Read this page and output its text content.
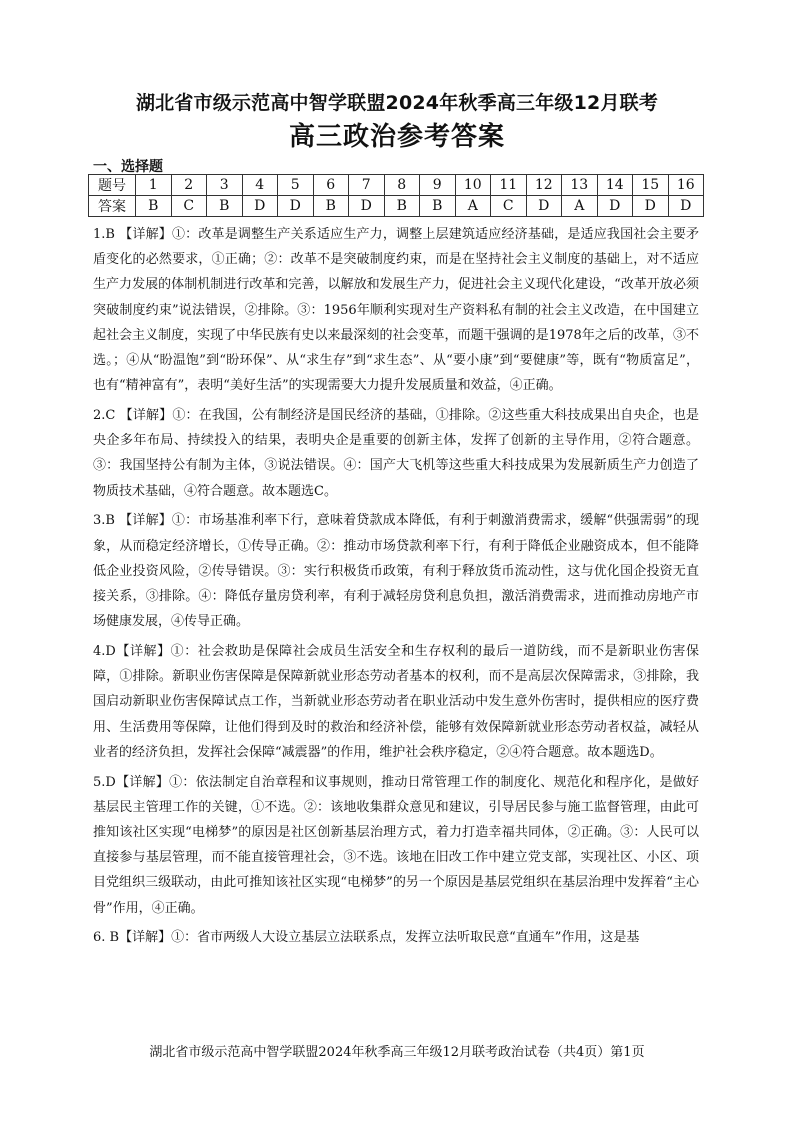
湖北省市级示范高中智学联盟2024年秋季高三年级12月联考
高三政治参考答案
一、选择题
题号	1	2	3	4	5	6	7	8	9	10	11	12	13	14	15	16
答案	B	C	B	D	D	B	D	B	B	A	C	D	A	D	D	D

1.B 【详解】①：改革是调整生产关系适应生产力，调整上层建筑适应经济基础，是适应我国社会主要矛盾变化的必然要求，①正确；②：改革不是突破制度约束，而是在坚持社会主义制度的基础上，对不适应生产力发展的体制机制进行改革和完善，以解放和发展生产力，促进社会主义现代化建设，“改革开放必须突破制度约束”说法错误，②排除。③：1956年顺利实现对生产资料私有制的社会主义改造，在中国建立起社会主义制度，实现了中华民族有史以来最深刻的社会变革，而题干强调的是1978年之后的改革，③不选。；④从“盼温饱”到“盼环保”、从“求生存”到“求生态”、从“要小康”到“要健康”等，既有“物质富足”，也有“精神富有”，表明“美好生活”的实现需要大力提升发展质量和效益，④正确。

2.C 【详解】①：在我国，公有制经济是国民经济的基础，①排除。②这些重大科技成果出自央企，也是央企多年布局、持续投入的结果，表明央企是重要的创新主体，发挥了创新的主导作用，②符合题意。③：我国坚持公有制为主体，③说法错误。④：国产大飞机等这些重大科技成果为发展新质生产力创造了物质技术基础，④符合题意。故本题选C。

3.B 【详解】①：市场基准利率下行，意味着贷款成本降低，有利于刺激消费需求，缓解“供强需弱”的现象，从而稳定经济增长，①传导正确。②：推动市场贷款利率下行，有利于降低企业融资成本，但不能降低企业投资风险，②传导错误。③：实行积极货币政策，有利于释放货币流动性，这与优化国企投资无直接关系，③排除。④：降低存量房贷利率，有利于减轻房贷利息负担，激活消费需求，进而推动房地产市场健康发展，④传导正确。

4.D【详解】①：社会救助是保障社会成员生活安全和生存权利的最后一道防线，而不是新职业伤害保障，①排除。新职业伤害保障是保障新就业形态劳动者基本的权利，而不是高层次保障需求，③排除，我国启动新职业伤害保障试点工作，当新就业形态劳动者在职业活动中发生意外伤害时，提供相应的医疗费用、生活费用等保障，让他们得到及时的救治和经济补偿，能够有效保障新就业形态劳动者权益，减轻从业者的经济负担，发挥社会保障“减震器”的作用，维护社会秩序稳定，②④符合题意。故本题选D。

5.D【详解】①：依法制定自治章程和议事规则，推动日常管理工作的制度化、规范化和程序化，是做好基层民主管理工作的关键，①不选。②：该地收集群众意见和建议，引导居民参与施工监督管理，由此可推知该社区实现“电梯梦”的原因是社区创新基层治理方式，着力打造幸福共同体，②正确。③：人民可以直接参与基层管理，而不能直接管理社会，③不选。该地在旧改工作中建立党支部，实现社区、小区、项目党组织三级联动，由此可推知该社区实现“电梯梦”的另一个原因是基层党组织在基层治理中发挥着“主心骨”作用，④正确。

6. B【详解】①：省市两级人大设立基层立法联系点，发挥立法听取民意“直通车”作用，这是基

湖北省市级示范高中智学联盟2024年秋季高三年级12月联考政治试卷（共4页）第1页
